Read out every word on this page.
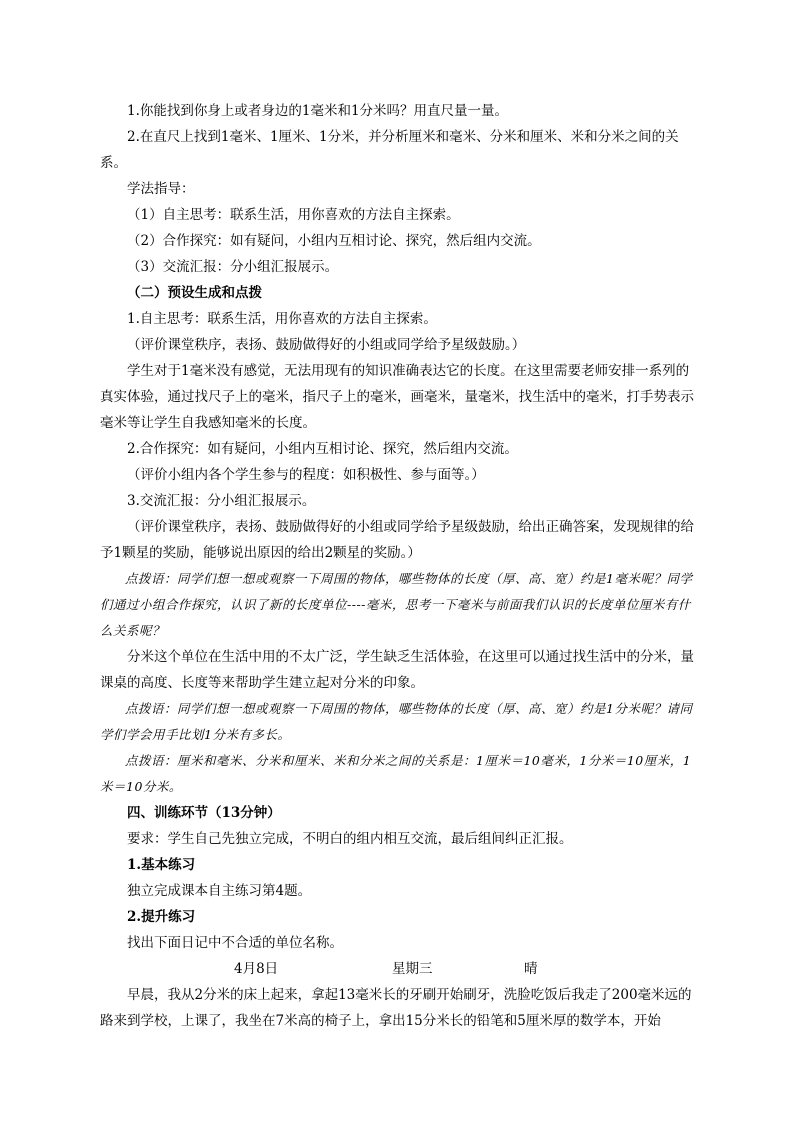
1.你能找到你身上或者身边的1毫米和1分米吗？用直尺量一量。

2.在直尺上找到1毫米、1厘米、1分米，并分析厘米和毫米、分米和厘米、米和分米之间的关系。

学法指导：

（1）自主思考：联系生活，用你喜欢的方法自主探索。

（2）合作探究：如有疑问，小组内互相讨论、探究，然后组内交流。

（3）交流汇报：分小组汇报展示。

（二）预设生成和点拨

1.自主思考：联系生活，用你喜欢的方法自主探索。

（评价课堂秩序，表扬、鼓励做得好的小组或同学给予星级鼓励。）

学生对于1毫米没有感觉，无法用现有的知识准确表达它的长度。在这里需要老师安排一系列的真实体验，通过找尺子上的毫米，指尺子上的毫米，画毫米，量毫米，找生活中的毫米，打手势表示毫米等让学生自我感知毫米的长度。

2.合作探究：如有疑问，小组内互相讨论、探究，然后组内交流。

（评价小组内各个学生参与的程度：如积极性、参与面等。）

3.交流汇报：分小组汇报展示。

（评价课堂秩序，表扬、鼓励做得好的小组或同学给予星级鼓励，给出正确答案，发现规律的给予1颗星的奖励，能够说出原因的给出2颗星的奖励。）

点拨语：同学们想一想或观察一下周围的物体，哪些物体的长度（厚、高、宽）约是1毫米呢？同学们通过小组合作探究，认识了新的长度单位----毫米，思考一下毫米与前面我们认识的长度单位厘米有什么关系呢？

分米这个单位在生活中用的不太广泛，学生缺乏生活体验，在这里可以通过找生活中的分米，量课桌的高度、长度等来帮助学生建立起对分米的印象。

点拨语：同学们想一想或观察一下周围的物体，哪些物体的长度（厚、高、宽）约是1分米呢？请同学们学会用手比划1分米有多长。

点拨语：厘米和毫米、分米和厘米、米和分米之间的关系是：1厘米＝10毫米，1分米＝10厘米，1米＝10分米。

四、训练环节（13分钟）

要求：学生自己先独立完成，不明白的组内相互交流，最后组间纠正汇报。

1.基本练习

独立完成课本自主练习第4题。

2.提升练习

找出下面日记中不合适的单位名称。

4月8日	星期三	晴

早晨，我从2分米的床上起来，拿起13毫米长的牙刷开始刷牙，洗脸吃饭后我走了200毫米远的路来到学校，上课了，我坐在7米高的椅子上，拿出15分米长的铅笔和5厘米厚的数学本，开始
